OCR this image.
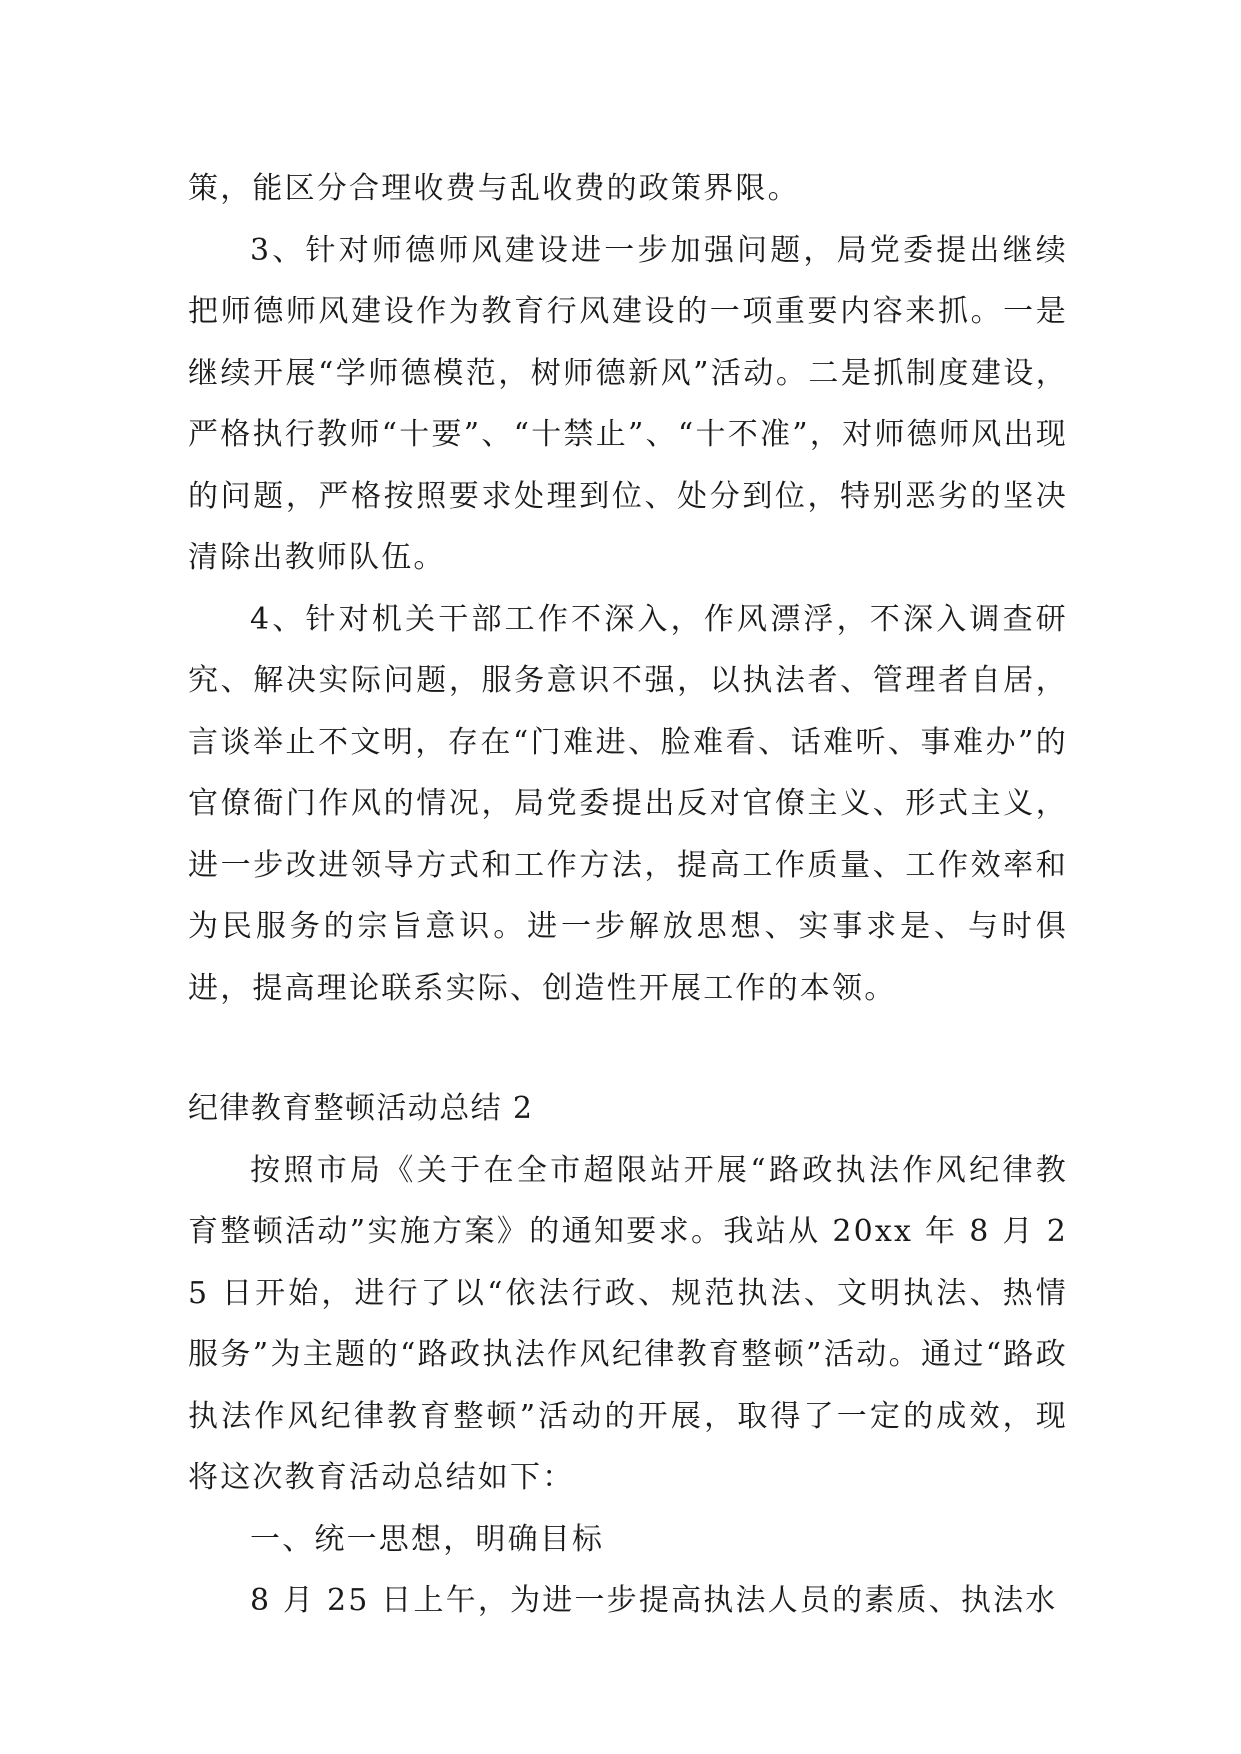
策，能区分合理收费与乱收费的政策界限。

3、针对师德师风建设进一步加强问题，局党委提出继续把师德师风建设作为教育行风建设的一项重要内容来抓。一是继续开展“学师德模范，树师德新风”活动。二是抓制度建设，严格执行教师“十要”、“十禁止”、“十不准”，对师德师风出现的问题，严格按照要求处理到位、处分到位，特别恶劣的坚决清除出教师队伍。

4、针对机关干部工作不深入，作风漂浮，不深入调查研究、解决实际问题，服务意识不强，以执法者、管理者自居，言谈举止不文明，存在“门难进、脸难看、话难听、事难办”的官僚衙门作风的情况，局党委提出反对官僚主义、形式主义，进一步改进领导方式和工作方法，提高工作质量、工作效率和为民服务的宗旨意识。进一步解放思想、实事求是、与时俱进，提高理论联系实际、创造性开展工作的本领。

纪律教育整顿活动总结 2

按照市局《关于在全市超限站开展“路政执法作风纪律教育整顿活动”实施方案》的通知要求。我站从 20xx 年 8 月 25 日开始，进行了以“依法行政、规范执法、文明执法、热情服务”为主题的“路政执法作风纪律教育整顿”活动。通过“路政执法作风纪律教育整顿”活动的开展，取得了一定的成效，现将这次教育活动总结如下：

一、统一思想，明确目标

8 月 25 日上午，为进一步提高执法人员的素质、执法水
